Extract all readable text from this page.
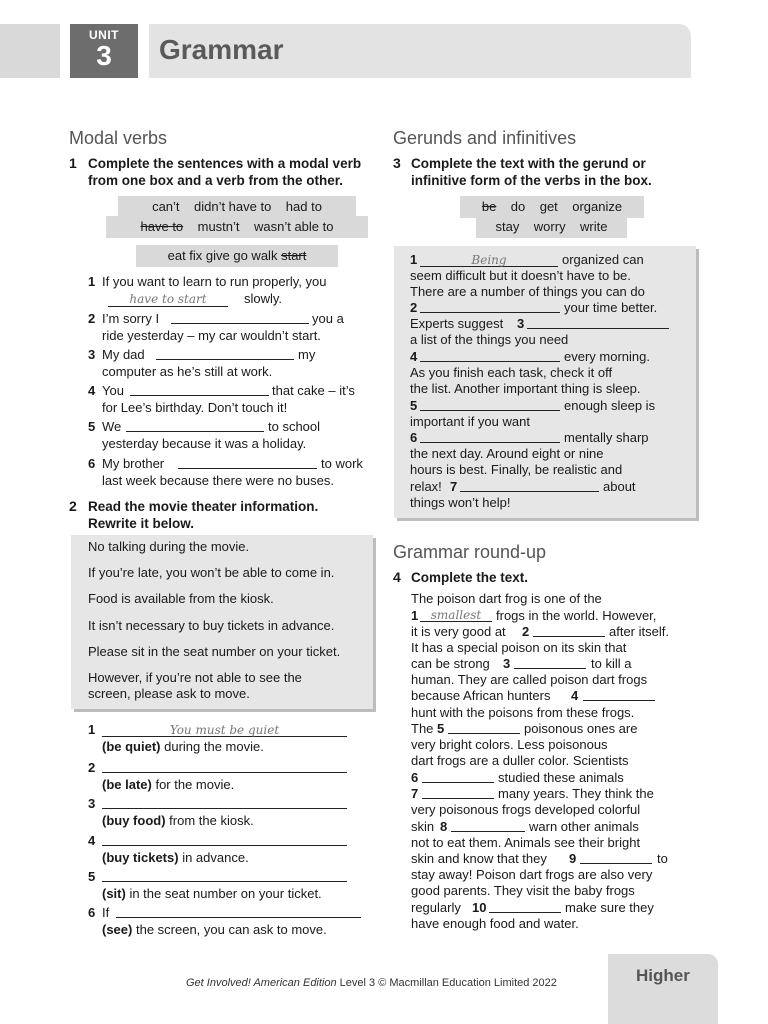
UNIT
3	Grammar
Modal verbs
1 Complete the sentences with a modal verb
from one box and a verb from the other.
can’t didn’t have to had to
have to mustn’t wasn’t able to
eat fix give go walk start
1 If you want to learn to run properly, you
have to start	slowly.
2 I’m sorry I	you a
ride yesterday – my car wouldn’t start.
3 My dad	my
computer as he’s still at work.
4 You	that cake – it’s
for Lee’s birthday. Don’t touch it!
5 We	to school
yesterday because it was a holiday.
6 My brother	to work
last week because there were no buses.
2 Read the movie theater information.
Rewrite it below.
No talking during the movie.
If you’re late, you won’t be able to come in.
Food is available from the kiosk.
It isn’t necessary to buy tickets in advance.
Please sit in the seat number on your ticket.
However, if you’re not able to see the
screen, please ask to move.
1	You must be quiet
(be quiet) during the movie.
2
(be late) for the movie.
3
(buy food) from the kiosk.
4
(buy tickets) in advance.
5
(sit) in the seat number on your ticket.
6 If
(see) the screen, you can ask to move.
Gerunds and infinitives
3 Complete the text with the gerund or
infinitive form of the verbs in the box.
be do get organize
stay worry write
1	Being	organized can
seem difficult but it doesn’t have to be.
There are a number of things you can do
2	your time better.
Experts suggest 3
a list of the things you need
4	every morning.
As you finish each task, check it off
the list. Another important thing is sleep.
5	enough sleep is
important if you want
6	mentally sharp
the next day. Around eight or nine
hours is best. Finally, be realistic and
relax! 7	about
things won’t help!
Grammar round-up
4 Complete the text.
The poison dart frog is one of the
1	smallest	frogs in the world. However,
it is very good at 2	after itself.
It has a special poison on its skin that
can be strong 3	to kill a
human. They are called poison dart frogs
because African hunters 4
hunt with the poisons from these frogs.
The 5	poisonous ones are
very bright colors. Less poisonous
dart frogs are a duller color. Scientists
6	studied these animals
7	many years. They think the
very poisonous frogs developed colorful
skin 8	warn other animals
not to eat them. Animals see their bright
skin and know that they 9	to
stay away! Poison dart frogs are also very
good parents. They visit the baby frogs
regularly 10	make sure they
have enough food and water.
Get Involved! American Edition Level 3 © Macmillan Education Limited 2022	Higher
